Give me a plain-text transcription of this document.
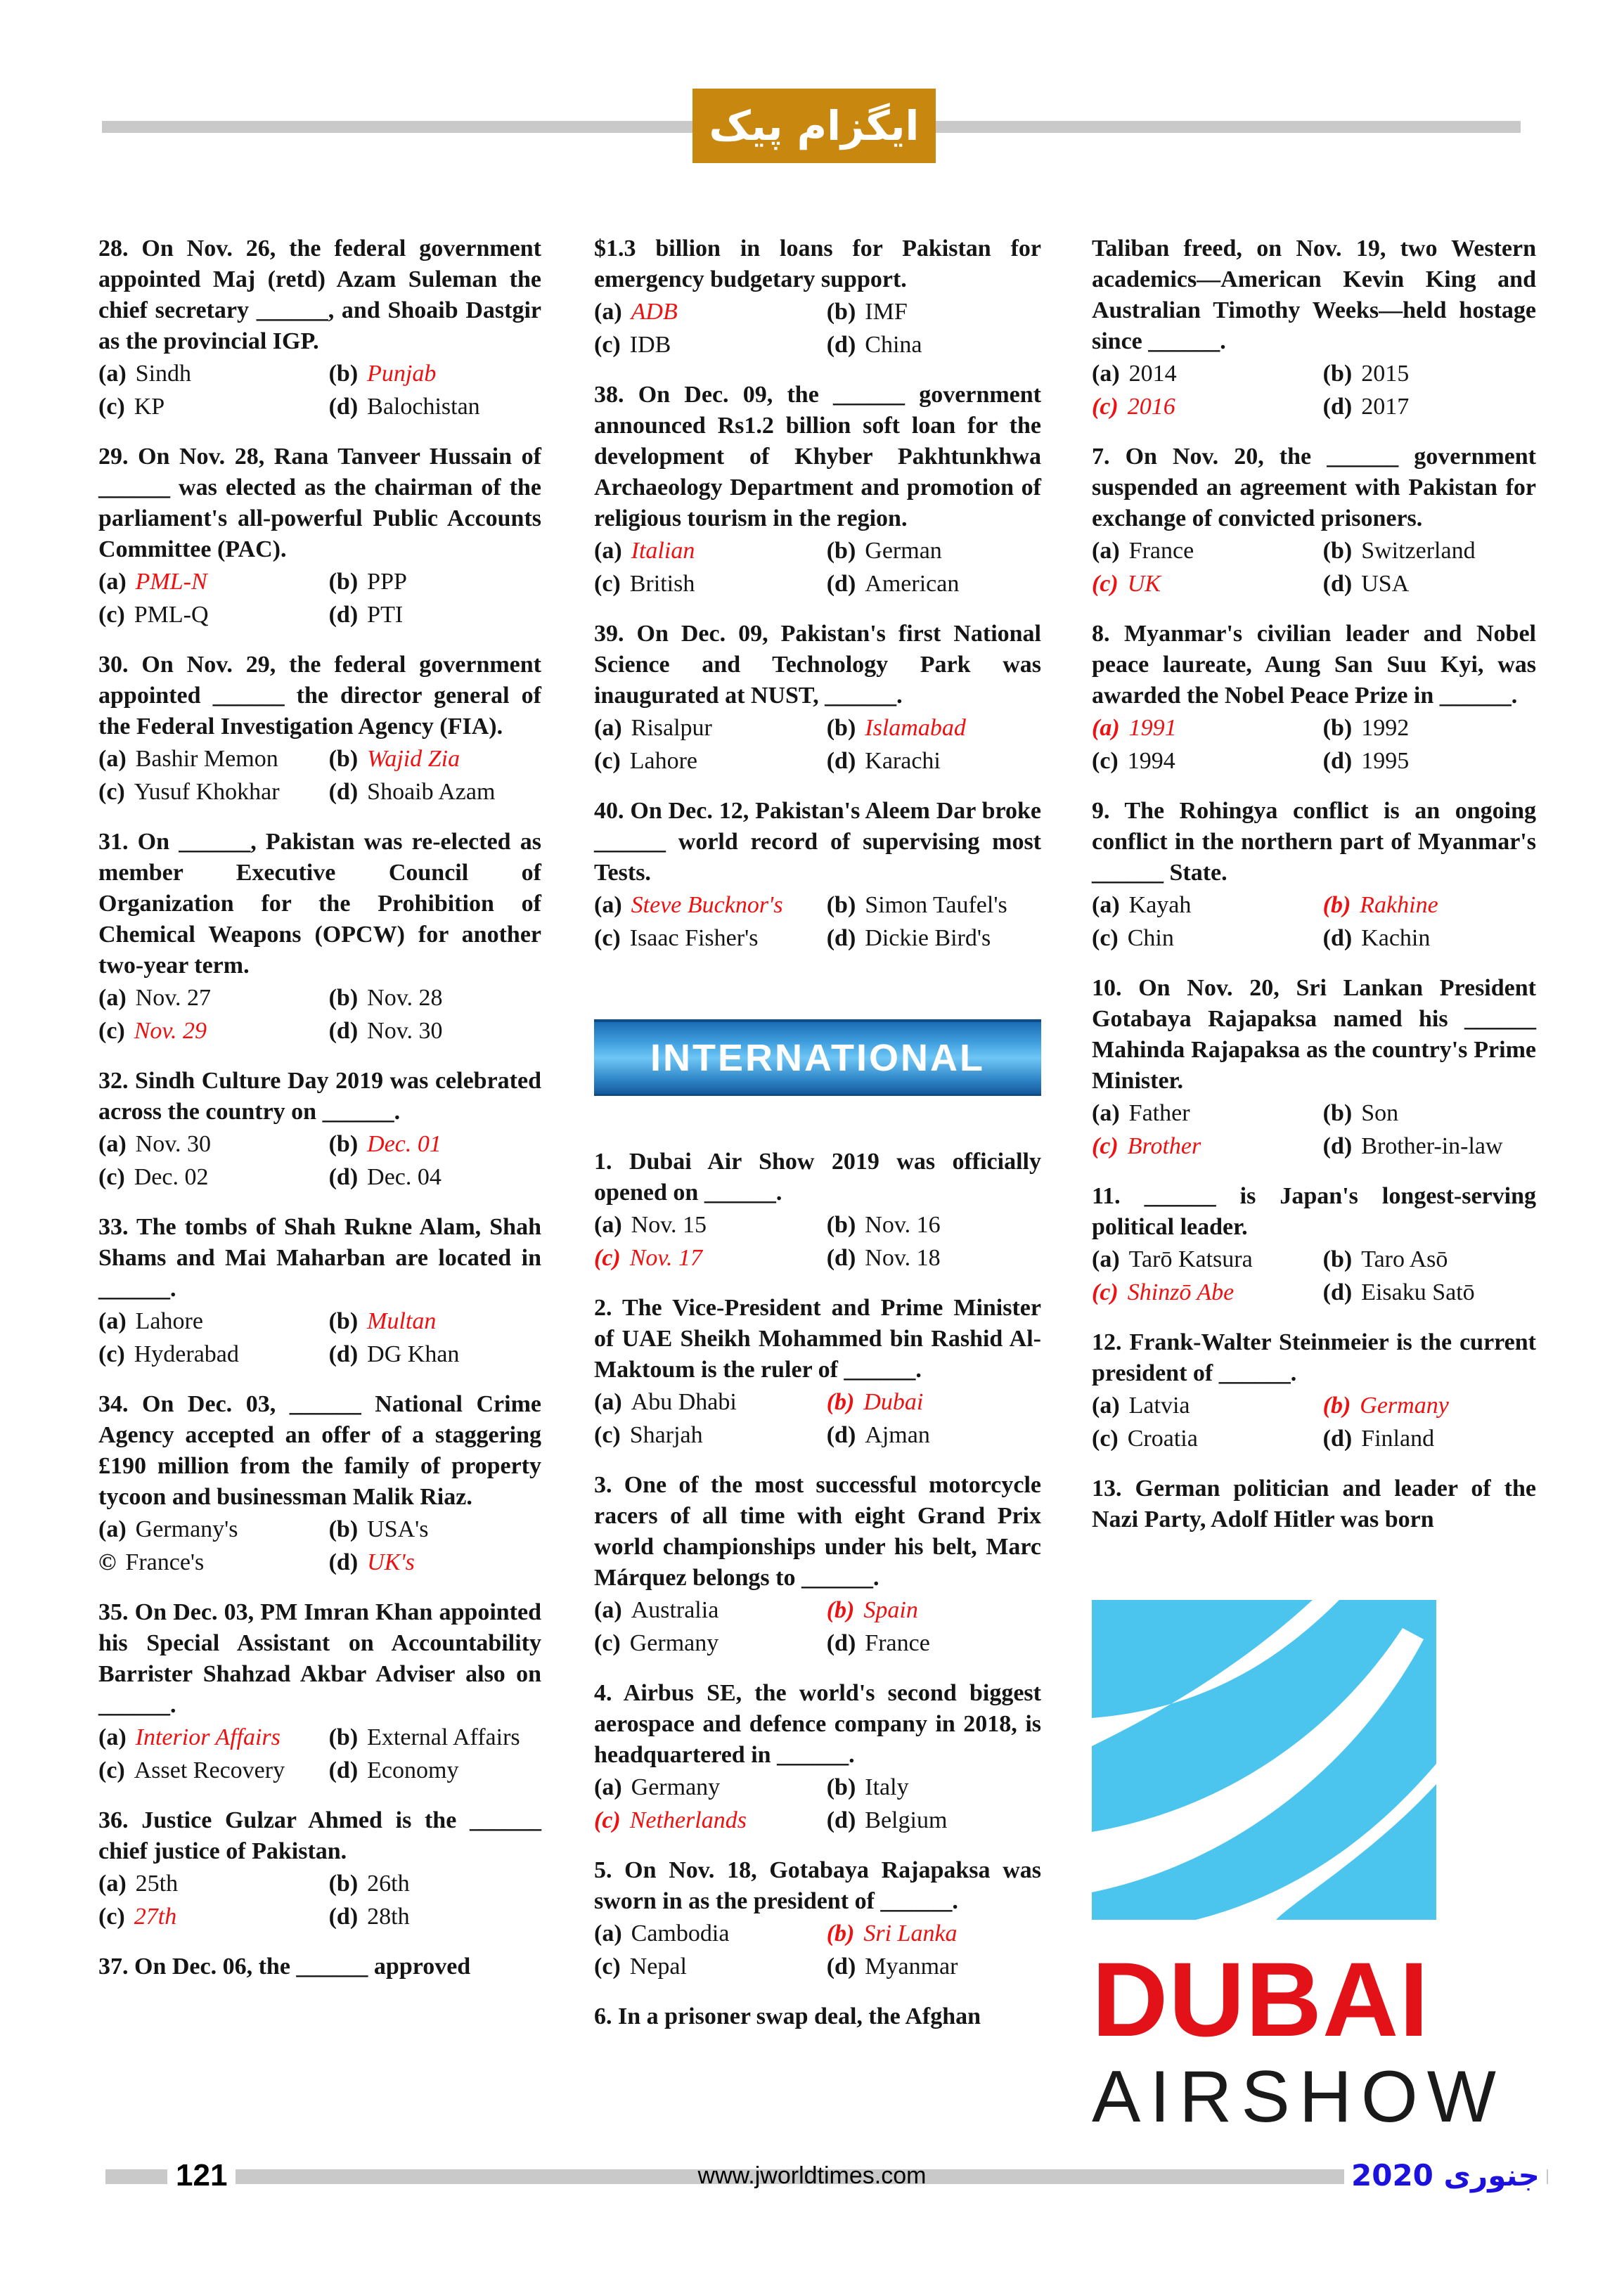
ایگزام پیک
28. On Nov. 26, the federal government appointed Maj (retd) Azam Suleman the chief secretary ______, and Shoaib Dastgir as the provincial IGP.
(a) Sindh	(b) Punjab
(c) KP	(d) Balochistan
29. On Nov. 28, Rana Tanveer Hussain of ______ was elected as the chairman of the parliament's all-powerful Public Accounts Committee (PAC).
(a) PML-N	(b) PPP
(c) PML-Q	(d) PTI
30. On Nov. 29, the federal government appointed ______ the director general of the Federal Investigation Agency (FIA).
(a) Bashir Memon (b) Wajid Zia
(c) Yusuf Khokhar (d) Shoaib Azam
31. On ______, Pakistan was re-elected as member Executive Council of Organization for the Prohibition of Chemical Weapons (OPCW) for another two-year term.
(a) Nov. 27	(b) Nov. 28
(c) Nov. 29	(d) Nov. 30
32. Sindh Culture Day 2019 was celebrated across the country on ______.
(a) Nov. 30	(b) Dec. 01
(c) Dec. 02	(d) Dec. 04
33. The tombs of Shah Rukne Alam, Shah Shams and Mai Maharban are located in ______.
(a) Lahore	(b) Multan
(c) Hyderabad	(d) DG Khan
34. On Dec. 03, ______ National Crime Agency accepted an offer of a staggering £190 million from the family of property tycoon and businessman Malik Riaz.
(a) Germany's	(b) USA's
© France's	(d) UK's
35. On Dec. 03, PM Imran Khan appointed his Special Assistant on Accountability Barrister Shahzad Akbar Adviser also on ______.
(a) Interior Affairs (b) External Affairs
(c) Asset Recovery (d) Economy
36. Justice Gulzar Ahmed is the ______ chief justice of Pakistan.
(a) 25th	(b) 26th
(c) 27th	(d) 28th
37. On Dec. 06, the ______ approved
$1.3 billion in loans for Pakistan for emergency budgetary support.
(a) ADB	(b) IMF
(c) IDB	(d) China
38. On Dec. 09, the ______ government announced Rs1.2 billion soft loan for the development of Khyber Pakhtunkhwa Archaeology Department and promotion of religious tourism in the region.
(a) Italian	(b) German
(c) British	(d) American
39. On Dec. 09, Pakistan's first National Science and Technology Park was inaugurated at NUST, ______.
(a) Risalpur	(b) Islamabad
(c) Lahore	(d) Karachi
40. On Dec. 12, Pakistan's Aleem Dar broke ______ world record of supervising most Tests.
(a) Steve Bucknor's (b) Simon Taufel's
(c) Isaac Fisher's	(d) Dickie Bird's
INTERNATIONAL
1. Dubai Air Show 2019 was officially opened on ______.
(a) Nov. 15	(b) Nov. 16
(c) Nov. 17	(d) Nov. 18
2. The Vice-President and Prime Minister of UAE Sheikh Mohammed bin Rashid Al-Maktoum is the ruler of ______.
(a) Abu Dhabi	(b) Dubai
(c) Sharjah	(d) Ajman
3. One of the most successful motorcycle racers of all time with eight Grand Prix world championships under his belt, Marc Márquez belongs to ______.
(a) Australia	(b) Spain
(c) Germany	(d) France
4. Airbus SE, the world's second biggest aerospace and defence company in 2018, is headquartered in ______.
(a) Germany	(b) Italy
(c) Netherlands	(d) Belgium
5. On Nov. 18, Gotabaya Rajapaksa was sworn in as the president of ______.
(a) Cambodia	(b) Sri Lanka
(c) Nepal	(d) Myanmar
6. In a prisoner swap deal, the Afghan
Taliban freed, on Nov. 19, two Western academics—American Kevin King and Australian Timothy Weeks—held hostage since ______.
(a) 2014	(b) 2015
(c) 2016	(d) 2017
7. On Nov. 20, the ______ government suspended an agreement with Pakistan for exchange of convicted prisoners.
(a) France	(b) Switzerland
(c) UK	(d) USA
8. Myanmar's civilian leader and Nobel peace laureate, Aung San Suu Kyi, was awarded the Nobel Peace Prize in ______.
(a) 1991	(b) 1992
(c) 1994	(d) 1995
9. The Rohingya conflict is an ongoing conflict in the northern part of Myanmar's ______ State.
(a) Kayah	(b) Rakhine
(c) Chin	(d) Kachin
10. On Nov. 20, Sri Lankan President Gotabaya Rajapaksa named his ______ Mahinda Rajapaksa as the country's Prime Minister.
(a) Father	(b) Son
(c) Brother	(d) Brother-in-law
11. ______ is Japan's longest-serving political leader.
(a) Tarō Katsura	(b) Taro Asō
(c) Shinzō Abe	(d) Eisaku Satō
12. Frank-Walter Steinmeier is the current president of ______.
(a) Latvia	(b) Germany
(c) Croatia	(d) Finland
13. German politician and leader of the Nazi Party, Adolf Hitler was born
DUBAI
AIRSHOW
121	www.jworldtimes.com	جنوری 2020
